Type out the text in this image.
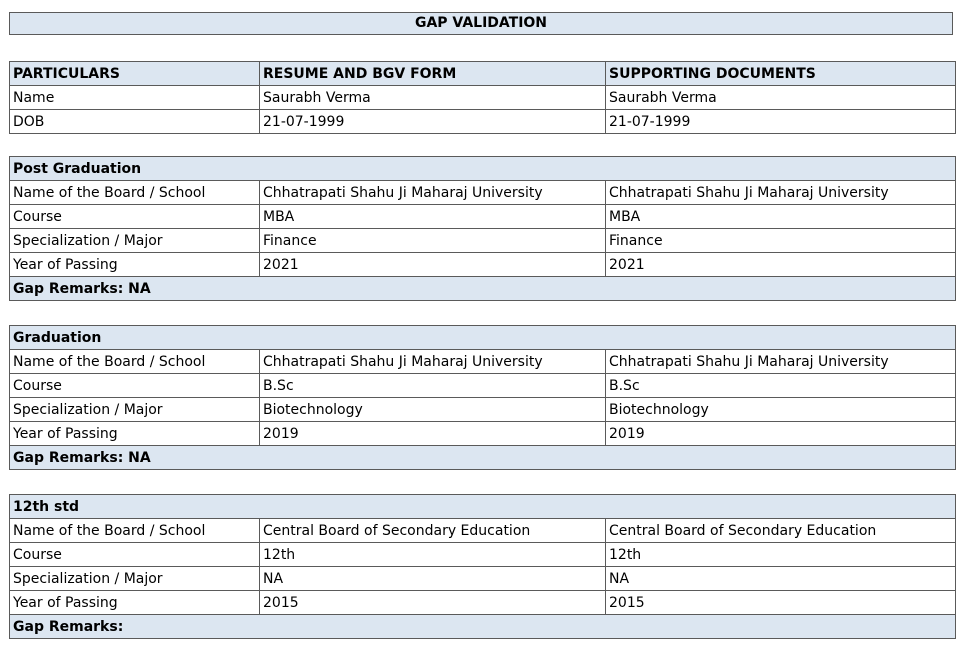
GAP VALIDATION
PARTICULARS	RESUME AND BGV FORM	SUPPORTING DOCUMENTS
Name	Saurabh Verma	Saurabh Verma
DOB	21-07-1999	21-07-1999
Post Graduation		
Name of the Board / School	Chhatrapati Shahu Ji Maharaj University	Chhatrapati Shahu Ji Maharaj University
Course	MBA	MBA
Specialization / Major	Finance	Finance
Year of Passing	2021	2021
Gap Remarks: NA		
Graduation		
Name of the Board / School	Chhatrapati Shahu Ji Maharaj University	Chhatrapati Shahu Ji Maharaj University
Course	B.Sc	B.Sc
Specialization / Major	Biotechnology	Biotechnology
Year of Passing	2019	2019
Gap Remarks: NA		
12th std		
Name of the Board / School	Central Board of Secondary Education	Central Board of Secondary Education
Course	12th	12th
Specialization / Major	NA	NA
Year of Passing	2015	2015
Gap Remarks:		
